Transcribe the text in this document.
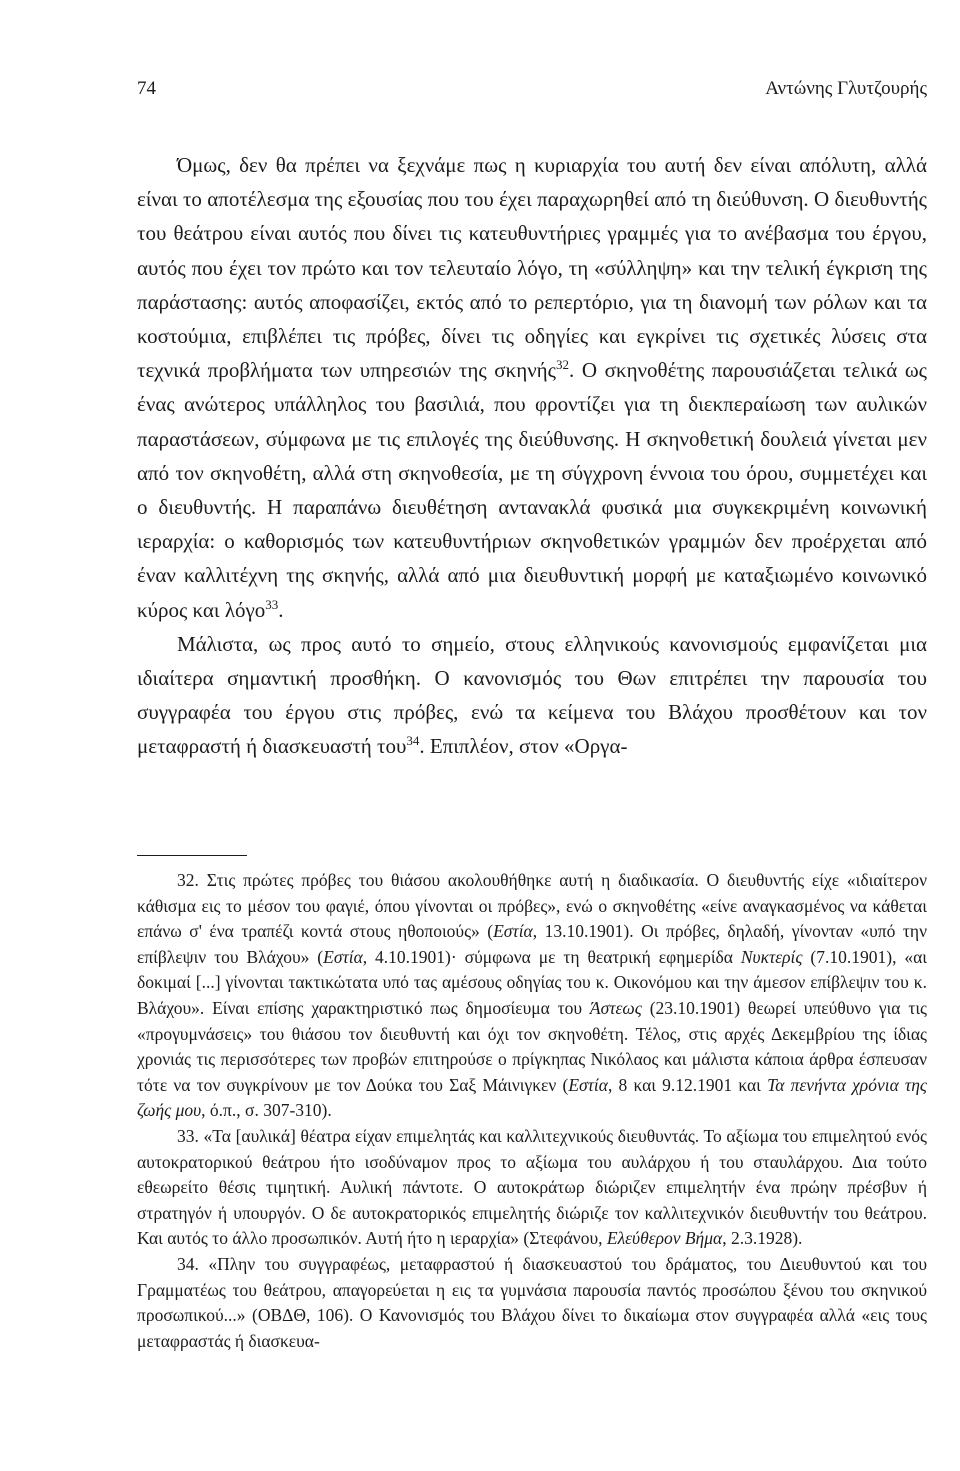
74	Αντώνης Γλυτζουρής

Όμως, δεν θα πρέπει να ξεχνάμε πως η κυριαρχία του αυτή δεν είναι απόλυτη, αλλά είναι το αποτέλεσμα της εξουσίας που του έχει παραχωρηθεί από τη διεύθυνση. Ο διευθυντής του θεάτρου είναι αυτός που δίνει τις κατευθυντήριες γραμμές για το ανέβασμα του έργου, αυτός που έχει τον πρώτο και τον τελευταίο λόγο, τη «σύλληψη» και την τελική έγκριση της παράστασης: αυτός αποφασίζει, εκτός από το ρεπερτόριο, για τη διανομή των ρόλων και τα κοστούμια, επιβλέπει τις πρόβες, δίνει τις οδηγίες και εγκρίνει τις σχετικές λύσεις στα τεχνικά προβλήματα των υπηρεσιών της σκηνής$^{32}$. Ο σκηνοθέτης παρουσιάζεται τελικά ως ένας ανώτερος υπάλληλος του βασιλιά, που φροντίζει για τη διεκπεραίωση των αυλικών παραστάσεων, σύμφωνα με τις επιλογές της διεύθυνσης. Η σκηνοθετική δουλειά γίνεται μεν από τον σκηνοθέτη, αλλά στη σκηνοθεσία, με τη σύγχρονη έννοια του όρου, συμμετέχει και ο διευθυντής. Η παραπάνω διευθέτηση αντανακλά φυσικά μια συγκεκριμένη κοινωνική ιεραρχία: ο καθορισμός των κατευθυντήριων σκηνοθετικών γραμμών δεν προέρχεται από έναν καλλιτέχνη της σκηνής, αλλά από μια διευθυντική μορφή με καταξιωμένο κοινωνικό κύρος και λόγο$^{33}$.

Μάλιστα, ως προς αυτό το σημείο, στους ελληνικούς κανονισμούς εμφανίζεται μια ιδιαίτερα σημαντική προσθήκη. Ο κανονισμός του Θων επιτρέπει την παρουσία του συγγραφέα του έργου στις πρόβες, ενώ τα κείμενα του Βλάχου προσθέτουν και τον μεταφραστή ή διασκευαστή του$^{34}$. Επιπλέον, στον «Οργα-

32. Στις πρώτες πρόβες του θιάσου ακολουθήθηκε αυτή η διαδικασία. Ο διευθυντής είχε «ιδιαίτερον κάθισμα εις το μέσον του φαγιέ, όπου γίνονται οι πρόβες», ενώ ο σκηνοθέτης «είνε αναγκασμένος να κάθεται επάνω σ' ένα τραπέζι κοντά στους ηθοποιούς» (Εστία, 13.10.1901). Οι πρόβες, δηλαδή, γίνονταν «υπό την επίβλεψιν του Βλάχου» (Εστία, 4.10.1901)· σύμφωνα με τη θεατρική εφημερίδα Νυκτερίς (7.10.1901), «αι δοκιμαί [...] γίνονται τακτικώτατα υπό τας αμέσους οδηγίας του κ. Οικονόμου και την άμεσον επίβλεψιν του κ. Βλάχου». Είναι επίσης χαρακτηριστικό πως δημοσίευμα του Άστεως (23.10.1901) θεωρεί υπεύθυνο για τις «προγυμνάσεις» του θιάσου τον διευθυντή και όχι τον σκηνοθέτη. Τέλος, στις αρχές Δεκεμβρίου της ίδιας χρονιάς τις περισσότερες των προβών επιτηρούσε ο πρίγκηπας Νικόλαος και μάλιστα κάποια άρθρα έσπευσαν τότε να τον συγκρίνουν με τον Δούκα του Σαξ Μάινιγκεν (Εστία, 8 και 9.12.1901 και Τα πενήντα χρόνια της ζωής μου, ό.π., σ. 307-310).

33. «Τα [αυλικά] θέατρα είχαν επιμελητάς και καλλιτεχνικούς διευθυντάς. Το αξίωμα του επιμελητού ενός αυτοκρατορικού θεάτρου ήτο ισοδύναμον προς το αξίωμα του αυλάρχου ή του σταυλάρχου. Δια τούτο εθεωρείτο θέσις τιμητική. Αυλική πάντοτε. Ο αυτοκράτωρ διώριζεν επιμελητήν ένα πρώην πρέσβυν ή στρατηγόν ή υπουργόν. Ο δε αυτοκρατορικός επιμελητής διώριζε τον καλλιτεχνικόν διευθυντήν του θεάτρου. Και αυτός το άλλο προσωπικόν. Αυτή ήτο η ιεραρχία» (Στεφάνου, Ελεύθερον Βήμα, 2.3.1928).

34. «Πλην του συγγραφέως, μεταφραστού ή διασκευαστού του δράματος, του Διευθυντού και του Γραμματέως του θεάτρου, απαγορεύεται η εις τα γυμνάσια παρουσία παντός προσώπου ξένου του σκηνικού προσωπικού...» (ΟΒΔΘ, 106). Ο Κανονισμός του Βλάχου δίνει το δικαίωμα στον συγγραφέα αλλά «εις τους μεταφραστάς ή διασκευα-
